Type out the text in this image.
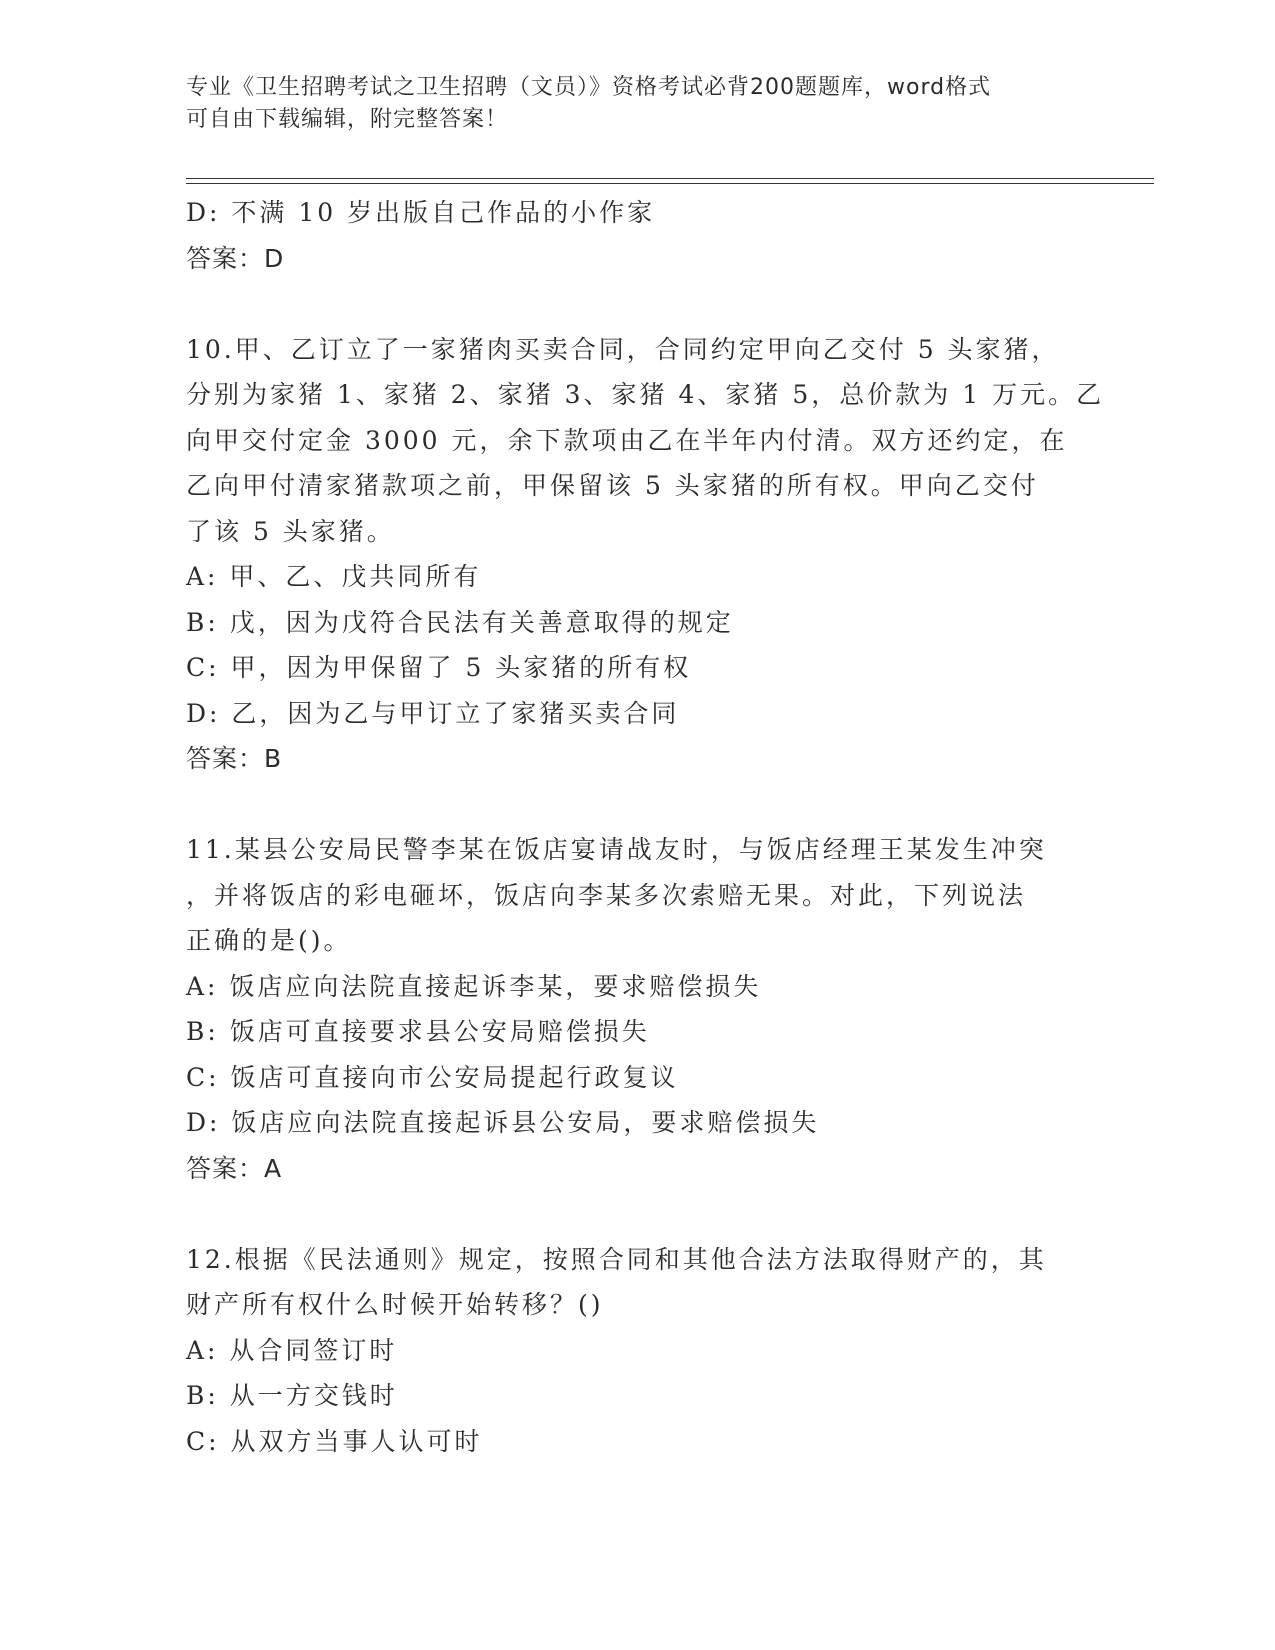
专业《卫生招聘考试之卫生招聘（文员）》资格考试必背200题题库，word格式
可自由下载编辑，附完整答案！
D: 不满 10 岁出版自己作品的小作家
答案：D
10.甲、乙订立了一家猪肉买卖合同，合同约定甲向乙交付 5 头家猪，
分别为家猪 1、家猪 2、家猪 3、家猪 4、家猪 5，总价款为 1 万元。乙
向甲交付定金 3000 元，余下款项由乙在半年内付清。双方还约定，在
乙向甲付清家猪款项之前，甲保留该 5 头家猪的所有权。甲向乙交付
了该 5 头家猪。
A: 甲、乙、戊共同所有
B: 戊，因为戊符合民法有关善意取得的规定
C: 甲，因为甲保留了 5 头家猪的所有权
D: 乙，因为乙与甲订立了家猪买卖合同
答案：B
11.某县公安局民警李某在饭店宴请战友时，与饭店经理王某发生冲突
，并将饭店的彩电砸坏，饭店向李某多次索赔无果。对此，下列说法
正确的是()。
A: 饭店应向法院直接起诉李某，要求赔偿损失
B: 饭店可直接要求县公安局赔偿损失
C: 饭店可直接向市公安局提起行政复议
D: 饭店应向法院直接起诉县公安局，要求赔偿损失
答案：A
12.根据《民法通则》规定，按照合同和其他合法方法取得财产的，其
财产所有权什么时候开始转移？()
A: 从合同签订时
B: 从一方交钱时
C: 从双方当事人认可时
